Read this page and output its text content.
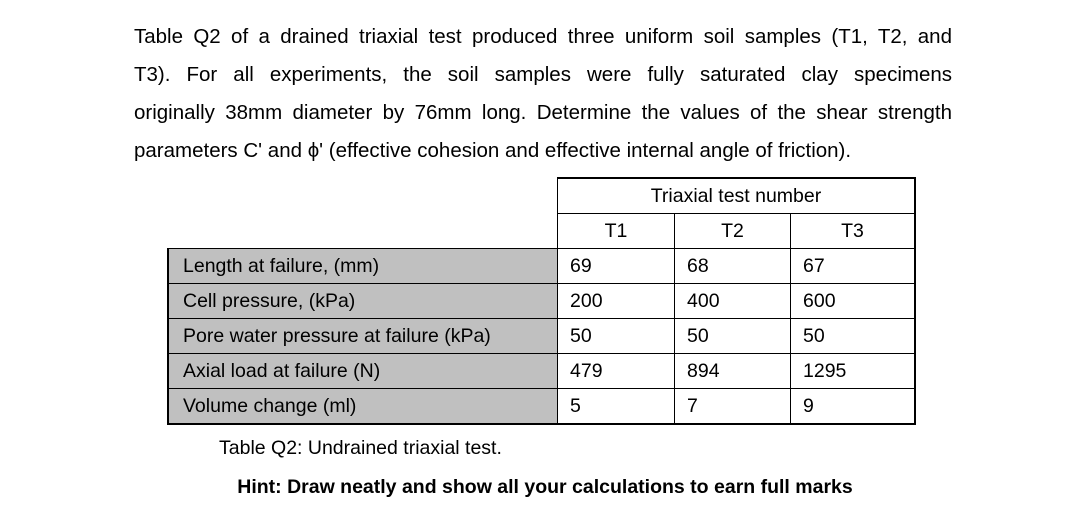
Table Q2 of a drained triaxial test produced three uniform soil samples (T1, T2, and
T3). For all experiments, the soil samples were fully saturated clay specimens
originally 38mm diameter by 76mm long. Determine the values of the shear strength
parameters C' and ϕ' (effective cohesion and effective internal angle of friction).
	Triaxial test number		
	T1	T2	T3
Length at failure, (mm)	69	68	67
Cell pressure, (kPa)	200	400	600
Pore water pressure at failure (kPa)	50	50	50
Axial load at failure (N)	479	894	1295
Volume change (ml)	5	7	9
Table Q2: Undrained triaxial test.
Hint: Draw neatly and show all your calculations to earn full marks
